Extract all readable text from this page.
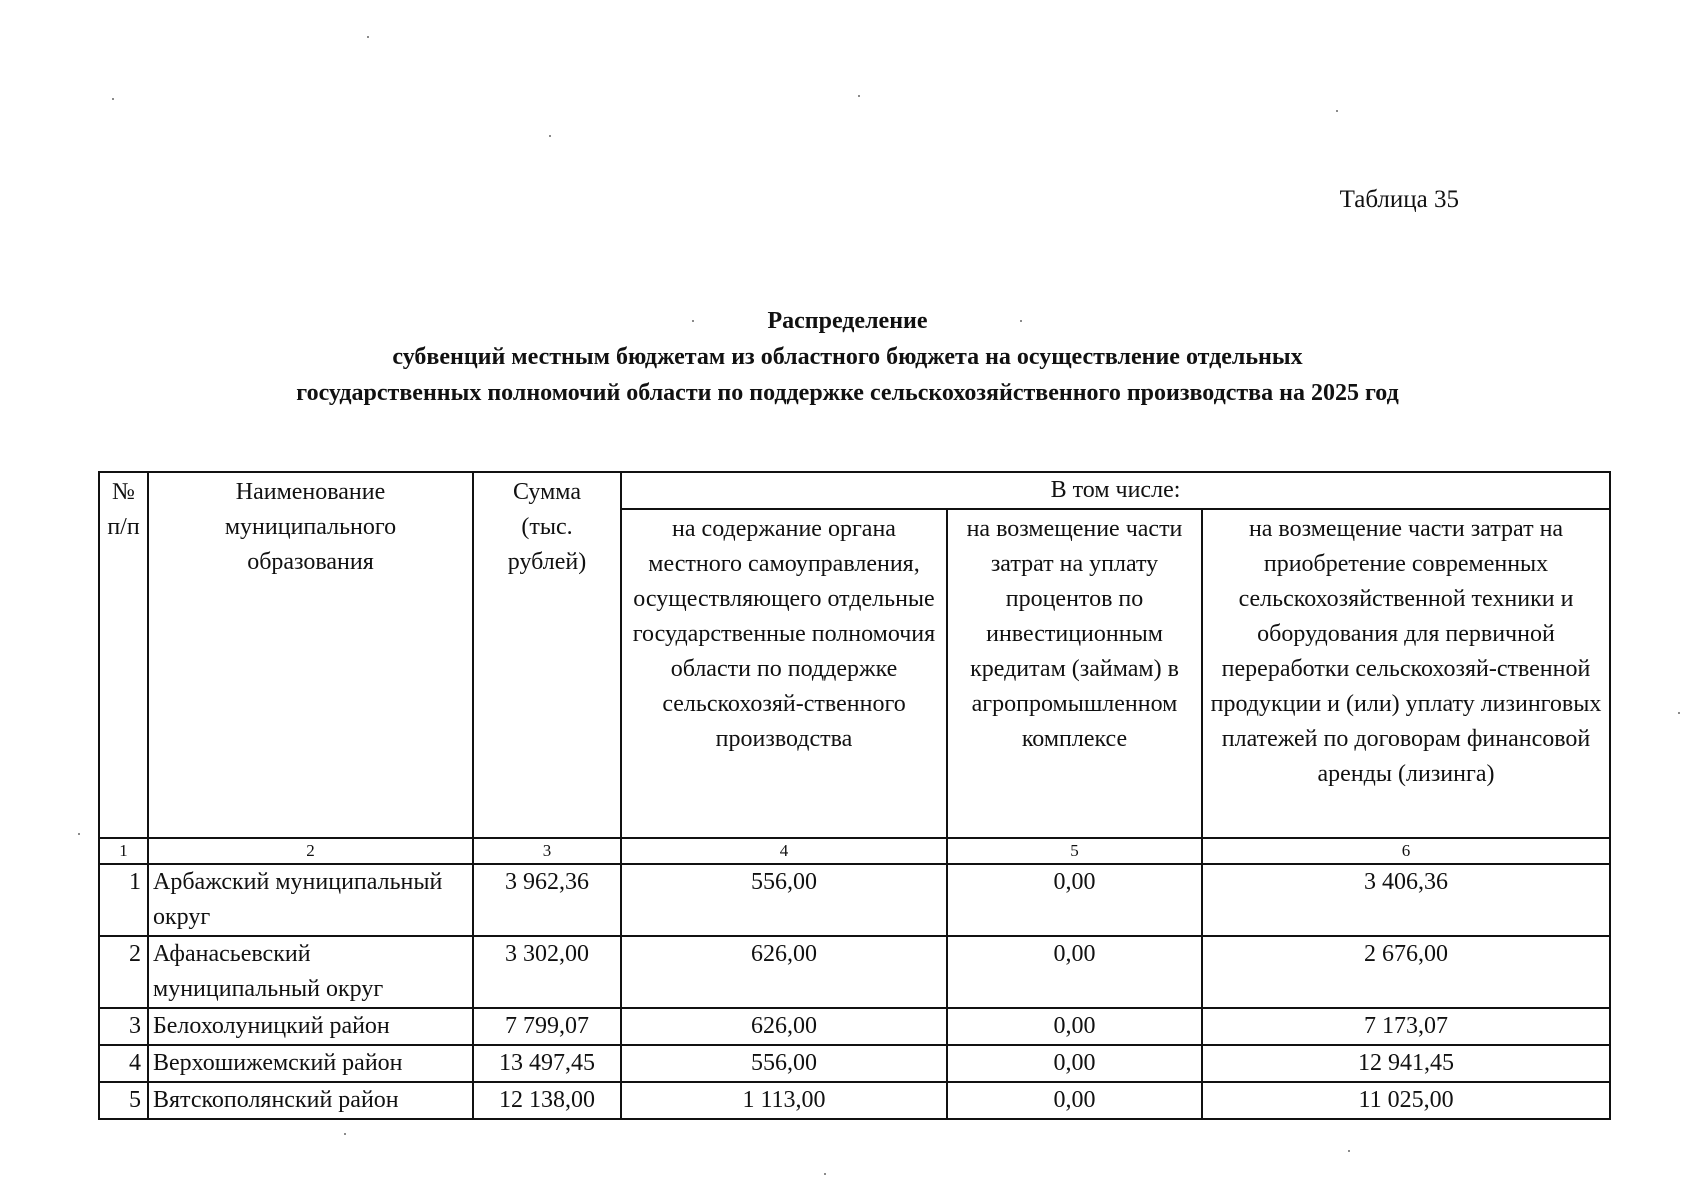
Таблица 35
Распределение
субвенций местным бюджетам из областного бюджета на осуществление отдельных
государственных полномочий области по поддержке сельскохозяйственного производства на 2025 год
№ п/п	Наименование муниципального образования	Сумма (тыс. рублей)	В том числе:		

			на содержание органа местного самоуправления, осуществляющего отдельные государственные полномочия области по поддержке сельскохозяй-ственного производства	на возмещение части затрат на уплату процентов по инвестиционным кредитам (займам) в агропромышленном комплексе	на возмещение части затрат на приобретение современных сельскохозяйственной техники и оборудования для первичной переработки сельскохозяй-ственной продукции и (или) уплату лизинговых платежей по договорам финансовой аренды (лизинга)

1	2	3	4	5	6
1	Арбажский муниципальный округ	3 962,36	556,00	0,00	3 406,36
2	Афанасьевский муниципальный округ	3 302,00	626,00	0,00	2 676,00
3	Белохолуницкий район	7 799,07	626,00	0,00	7 173,07
4	Верхошижемский район	13 497,45	556,00	0,00	12 941,45
5	Вятскополянский район	12 138,00	1 113,00	0,00	11 025,00
